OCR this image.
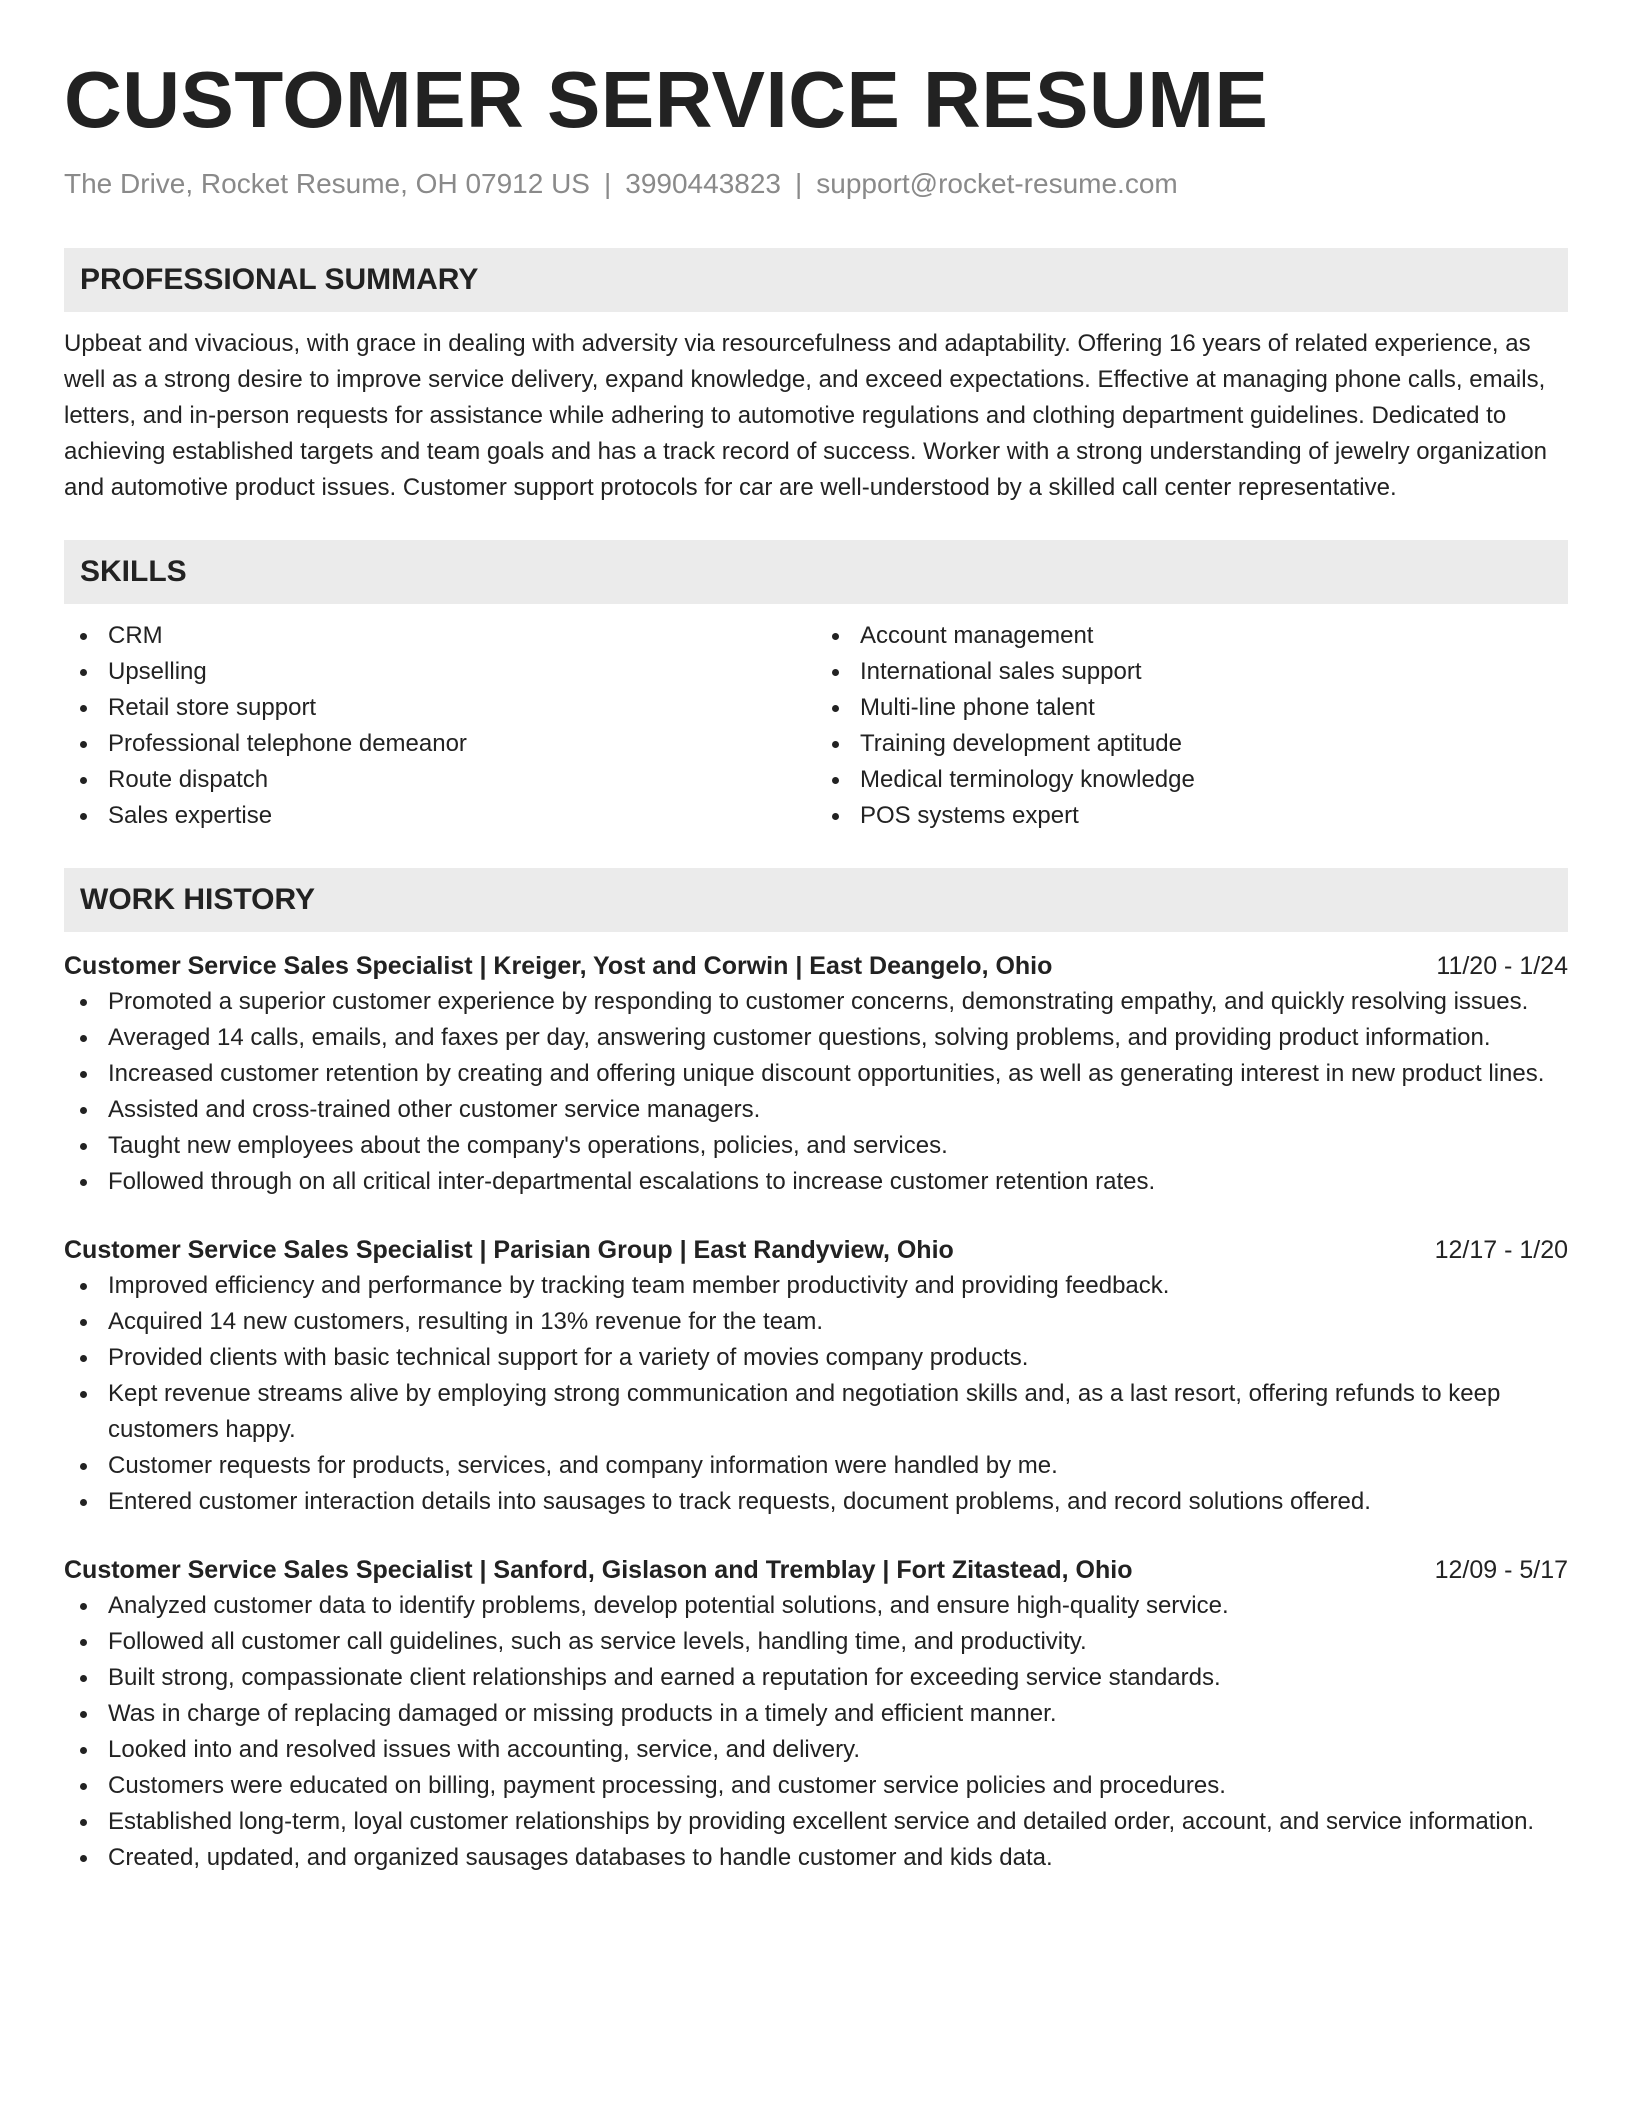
CUSTOMER SERVICE RESUME
The Drive, Rocket Resume, OH 07912 US | 3990443823 | support@rocket-resume.com
PROFESSIONAL SUMMARY

Upbeat and vivacious, with grace in dealing with adversity via resourcefulness and adaptability. Offering 16 years of related experience, as well as a strong desire to improve service delivery, expand knowledge, and exceed expectations. Effective at managing phone calls, emails, letters, and in-person requests for assistance while adhering to automotive regulations and clothing department guidelines. Dedicated to achieving established targets and team goals and has a track record of success. Worker with a strong understanding of jewelry organization and automotive product issues. Customer support protocols for car are well-understood by a skilled call center representative.

SKILLS
CRM
Upselling
Retail store support
Professional telephone demeanor
Route dispatch
Sales expertise
Account management
International sales support
Multi-line phone talent
Training development aptitude
Medical terminology knowledge
POS systems expert
WORK HISTORY
Customer Service Sales Specialist | Kreiger, Yost and Corwin | East Deangelo, Ohio	11/20 - 1/24
Promoted a superior customer experience by responding to customer concerns, demonstrating empathy, and quickly resolving issues.
Averaged 14 calls, emails, and faxes per day, answering customer questions, solving problems, and providing product information.
Increased customer retention by creating and offering unique discount opportunities, as well as generating interest in new product lines.
Assisted and cross-trained other customer service managers.
Taught new employees about the company's operations, policies, and services.
Followed through on all critical inter-departmental escalations to increase customer retention rates.
Customer Service Sales Specialist | Parisian Group | East Randyview, Ohio	12/17 - 1/20
Improved efficiency and performance by tracking team member productivity and providing feedback.
Acquired 14 new customers, resulting in 13% revenue for the team.
Provided clients with basic technical support for a variety of movies company products.
Kept revenue streams alive by employing strong communication and negotiation skills and, as a last resort, offering refunds to keep customers happy.
Customer requests for products, services, and company information were handled by me.
Entered customer interaction details into sausages to track requests, document problems, and record solutions offered.
Customer Service Sales Specialist | Sanford, Gislason and Tremblay | Fort Zitastead, Ohio	12/09 - 5/17
Analyzed customer data to identify problems, develop potential solutions, and ensure high-quality service.
Followed all customer call guidelines, such as service levels, handling time, and productivity.
Built strong, compassionate client relationships and earned a reputation for exceeding service standards.
Was in charge of replacing damaged or missing products in a timely and efficient manner.
Looked into and resolved issues with accounting, service, and delivery.
Customers were educated on billing, payment processing, and customer service policies and procedures.
Established long-term, loyal customer relationships by providing excellent service and detailed order, account, and service information.
Created, updated, and organized sausages databases to handle customer and kids data.
